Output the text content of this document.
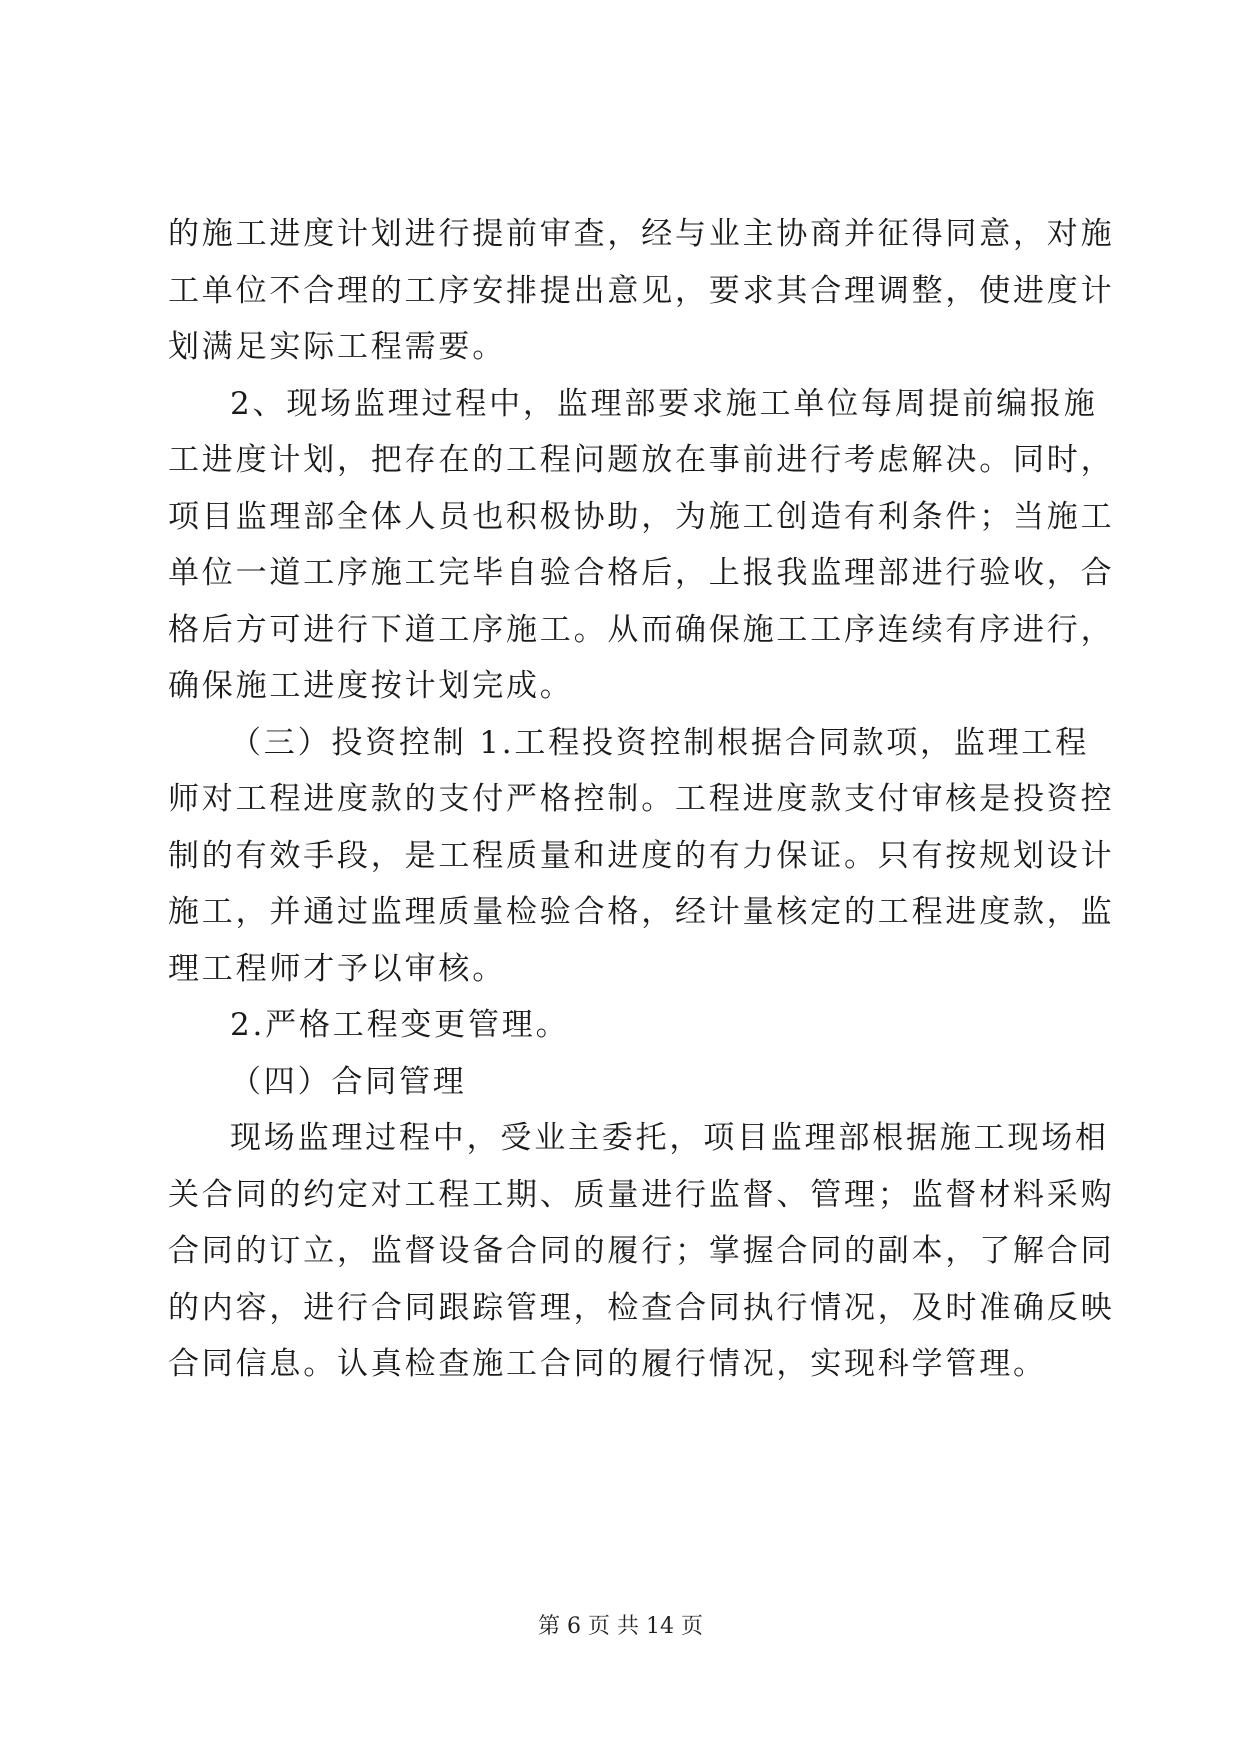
的施工进度计划进行提前审查，经与业主协商并征得同意，对施
工单位不合理的工序安排提出意见，要求其合理调整，使进度计
划满足实际工程需要。
2、现场监理过程中，监理部要求施工单位每周提前编报施
工进度计划，把存在的工程问题放在事前进行考虑解决。同时，
项目监理部全体人员也积极协助，为施工创造有利条件；当施工
单位一道工序施工完毕自验合格后，上报我监理部进行验收，合
格后方可进行下道工序施工。从而确保施工工序连续有序进行，
确保施工进度按计划完成。
（三）投资控制 1.工程投资控制根据合同款项，监理工程
师对工程进度款的支付严格控制。工程进度款支付审核是投资控
制的有效手段，是工程质量和进度的有力保证。只有按规划设计
施工，并通过监理质量检验合格，经计量核定的工程进度款，监
理工程师才予以审核。
2.严格工程变更管理。
（四）合同管理
现场监理过程中，受业主委托，项目监理部根据施工现场相
关合同的约定对工程工期、质量进行监督、管理；监督材料采购
合同的订立，监督设备合同的履行；掌握合同的副本，了解合同
的内容，进行合同跟踪管理，检查合同执行情况，及时准确反映
合同信息。认真检查施工合同的履行情况，实现科学管理。
第 6 页 共 14 页
